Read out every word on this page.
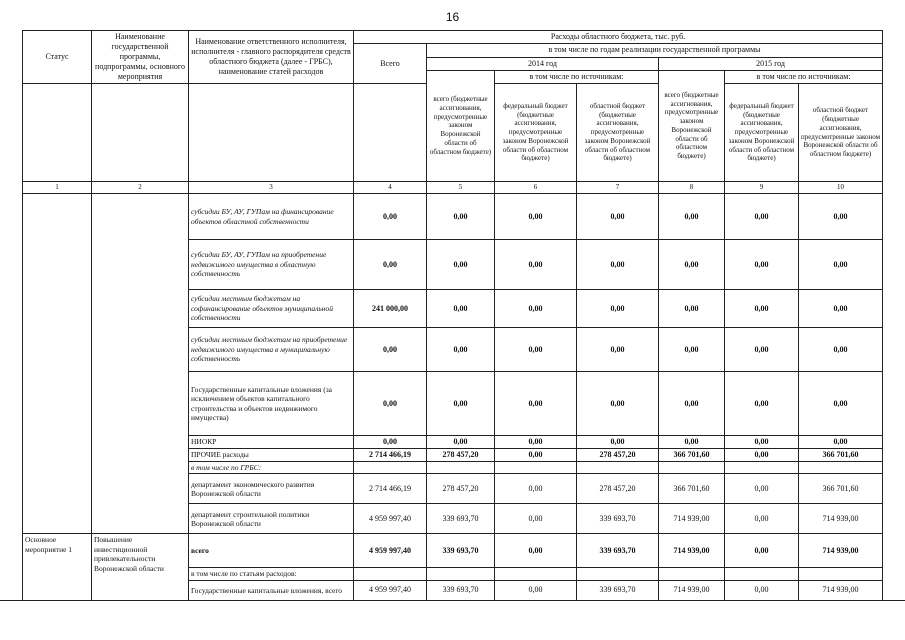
16
Статус	Наименование государственной программы, подпрограммы, основного мероприятия	Наименование ответственного исполнителя, исполнителя - главного распорядителя средств областного бюджета (далее - ГРБС), наименование статей расходов	Расходы областного бюджета, тыс. руб.						
			Всего	в том числе по годам реализации государственной программы					
				2014 год			2015 год		
				всего (бюджетные ассигнования, предусмотренные законом Воронежской области об областном бюджете)	в том числе по источникам:		всего (бюджетные ассигнования, предусмотренные законом Воронежской области об областном бюджете)	в том числе по источникам:	
					федеральный бюджет (бюджетные ассигнования, предусмотренные законом Воронежской области об областном бюджете)	областной бюджет (бюджетные ассигнования, предусмотренные законом Воронежской области об областном бюджете)		федеральный бюджет (бюджетные ассигнования, предусмотренные законом Воронежской области об областном бюджете)	областной бюджет (бюджетные ассигнования, предусмотренные законом Воронежской области об областном бюджете)
1	2	3	4	5	6	7	8	9	10
		субсидии БУ, АУ, ГУПам на финансирование объектов областной собственности	0,00	0,00	0,00	0,00	0,00	0,00	0,00
		субсидии БУ, АУ, ГУПам на приобретение недвижимого имущества в областную собственность	0,00	0,00	0,00	0,00	0,00	0,00	0,00
		субсидии местным бюджетам на софинансирование объектов муниципальной собственности	241 000,00	0,00	0,00	0,00	0,00	0,00	0,00
		субсидии местным бюджетам на приобретение недвижимого имущества в муниципальную собственность	0,00	0,00	0,00	0,00	0,00	0,00	0,00
		Государственные капитальные вложения (за исключением объектов капитального строительства и объектов недвижимого имущества)	0,00	0,00	0,00	0,00	0,00	0,00	0,00
		НИОКР	0,00	0,00	0,00	0,00	0,00	0,00	0,00
		ПРОЧИЕ расходы	2 714 466,19	278 457,20	0,00	278 457,20	366 701,60	0,00	366 701,60
		в том числе по ГРБС:							
		департамент экономического развития Воронежской области	2 714 466,19	278 457,20	0,00	278 457,20	366 701,60	0,00	366 701,60
		департамент строительной политики Воронежской области	4 959 997,40	339 693,70	0,00	339 693,70	714 939,00	0,00	714 939,00
Основное мероприятие 1	Повышение инвестиционной привлекательности Воронежской области	всего	4 959 997,40	339 693,70	0,00	339 693,70	714 939,00	0,00	714 939,00
		в том числе по статьям расходов:							
		Государственные капитальные вложения, всего	4 959 997,40	339 693,70	0,00	339 693,70	714 939,00	0,00	714 939,00
